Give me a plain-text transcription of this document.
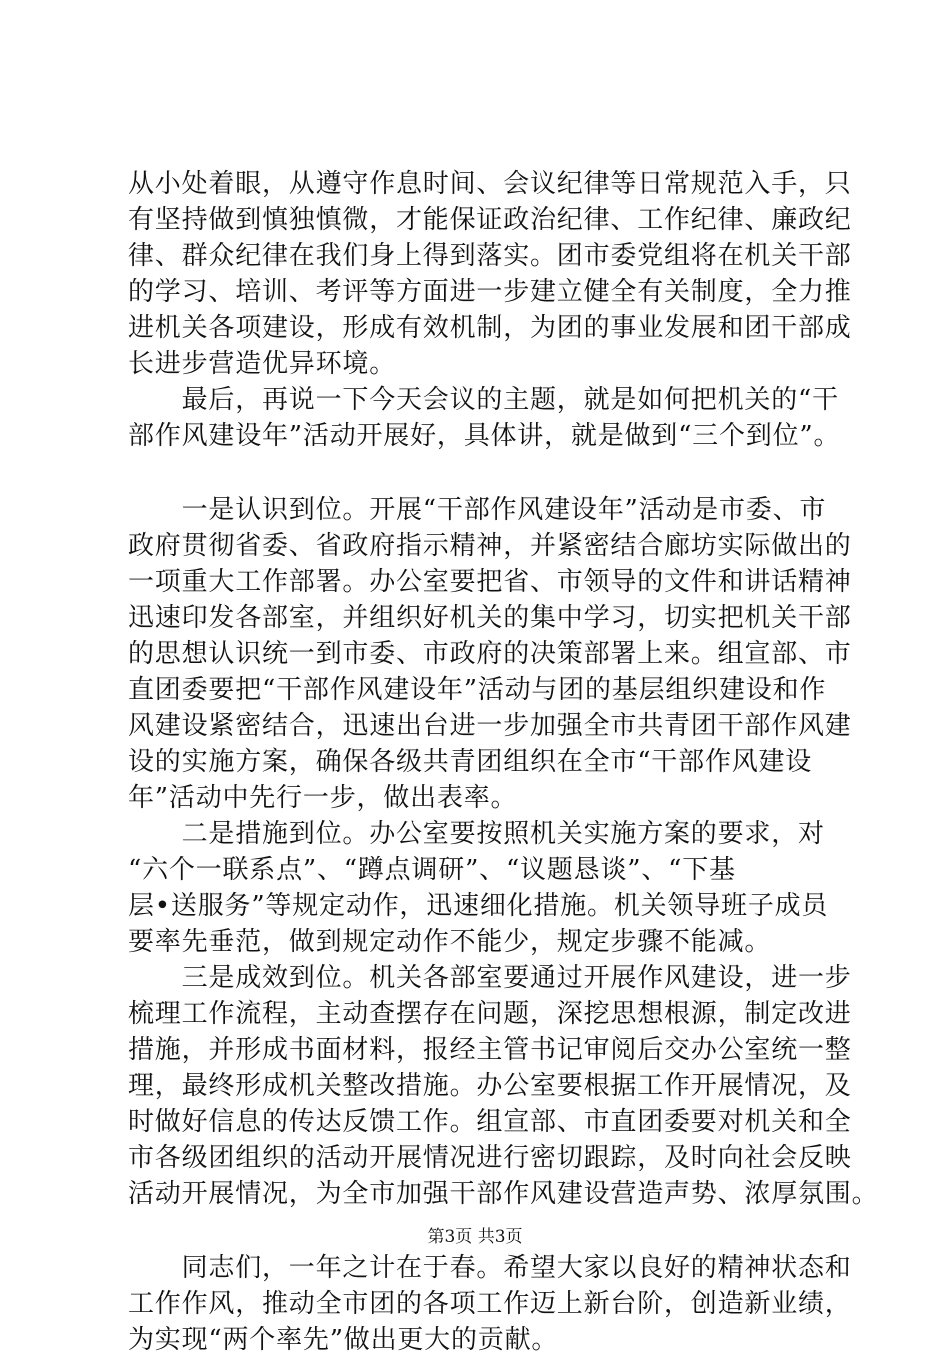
从小处着眼，从遵守作息时间、会议纪律等日常规范入手，只
有坚持做到慎独慎微，才能保证政治纪律、工作纪律、廉政纪
律、群众纪律在我们身上得到落实。团市委党组将在机关干部
的学习、培训、考评等方面进一步建立健全有关制度，全力推
进机关各项建设，形成有效机制，为团的事业发展和团干部成
长进步营造优异环境。

　　最后，再说一下今天会议的主题，就是如何把机关的“干
部作风建设年”活动开展好，具体讲，就是做到“三个到位”。

　　一是认识到位。开展“干部作风建设年”活动是市委、市
政府贯彻省委、省政府指示精神，并紧密结合廊坊实际做出的
一项重大工作部署。办公室要把省、市领导的文件和讲话精神
迅速印发各部室，并组织好机关的集中学习，切实把机关干部
的思想认识统一到市委、市政府的决策部署上来。组宣部、市
直团委要把“干部作风建设年”活动与团的基层组织建设和作
风建设紧密结合，迅速出台进一步加强全市共青团干部作风建
设的实施方案，确保各级共青团组织在全市“干部作风建设
年”活动中先行一步，做出表率。

　　二是措施到位。办公室要按照机关实施方案的要求，对
“六个一联系点”、“蹲点调研”、“议题恳谈”、“下基
层•送服务”等规定动作，迅速细化措施。机关领导班子成员
要率先垂范，做到规定动作不能少，规定步骤不能减。

　　三是成效到位。机关各部室要通过开展作风建设，进一步
梳理工作流程，主动查摆存在问题，深挖思想根源，制定改进
措施，并形成书面材料，报经主管书记审阅后交办公室统一整
理，最终形成机关整改措施。办公室要根据工作开展情况，及
时做好信息的传达反馈工作。组宣部、市直团委要对机关和全
市各级团组织的活动开展情况进行密切跟踪，及时向社会反映
活动开展情况，为全市加强干部作风建设营造声势、浓厚氛围。

　　同志们，一年之计在于春。希望大家以良好的精神状态和
工作作风，推动全市团的各项工作迈上新台阶，创造新业绩，
为实现“两个率先”做出更大的贡献。

第3页 共3页
